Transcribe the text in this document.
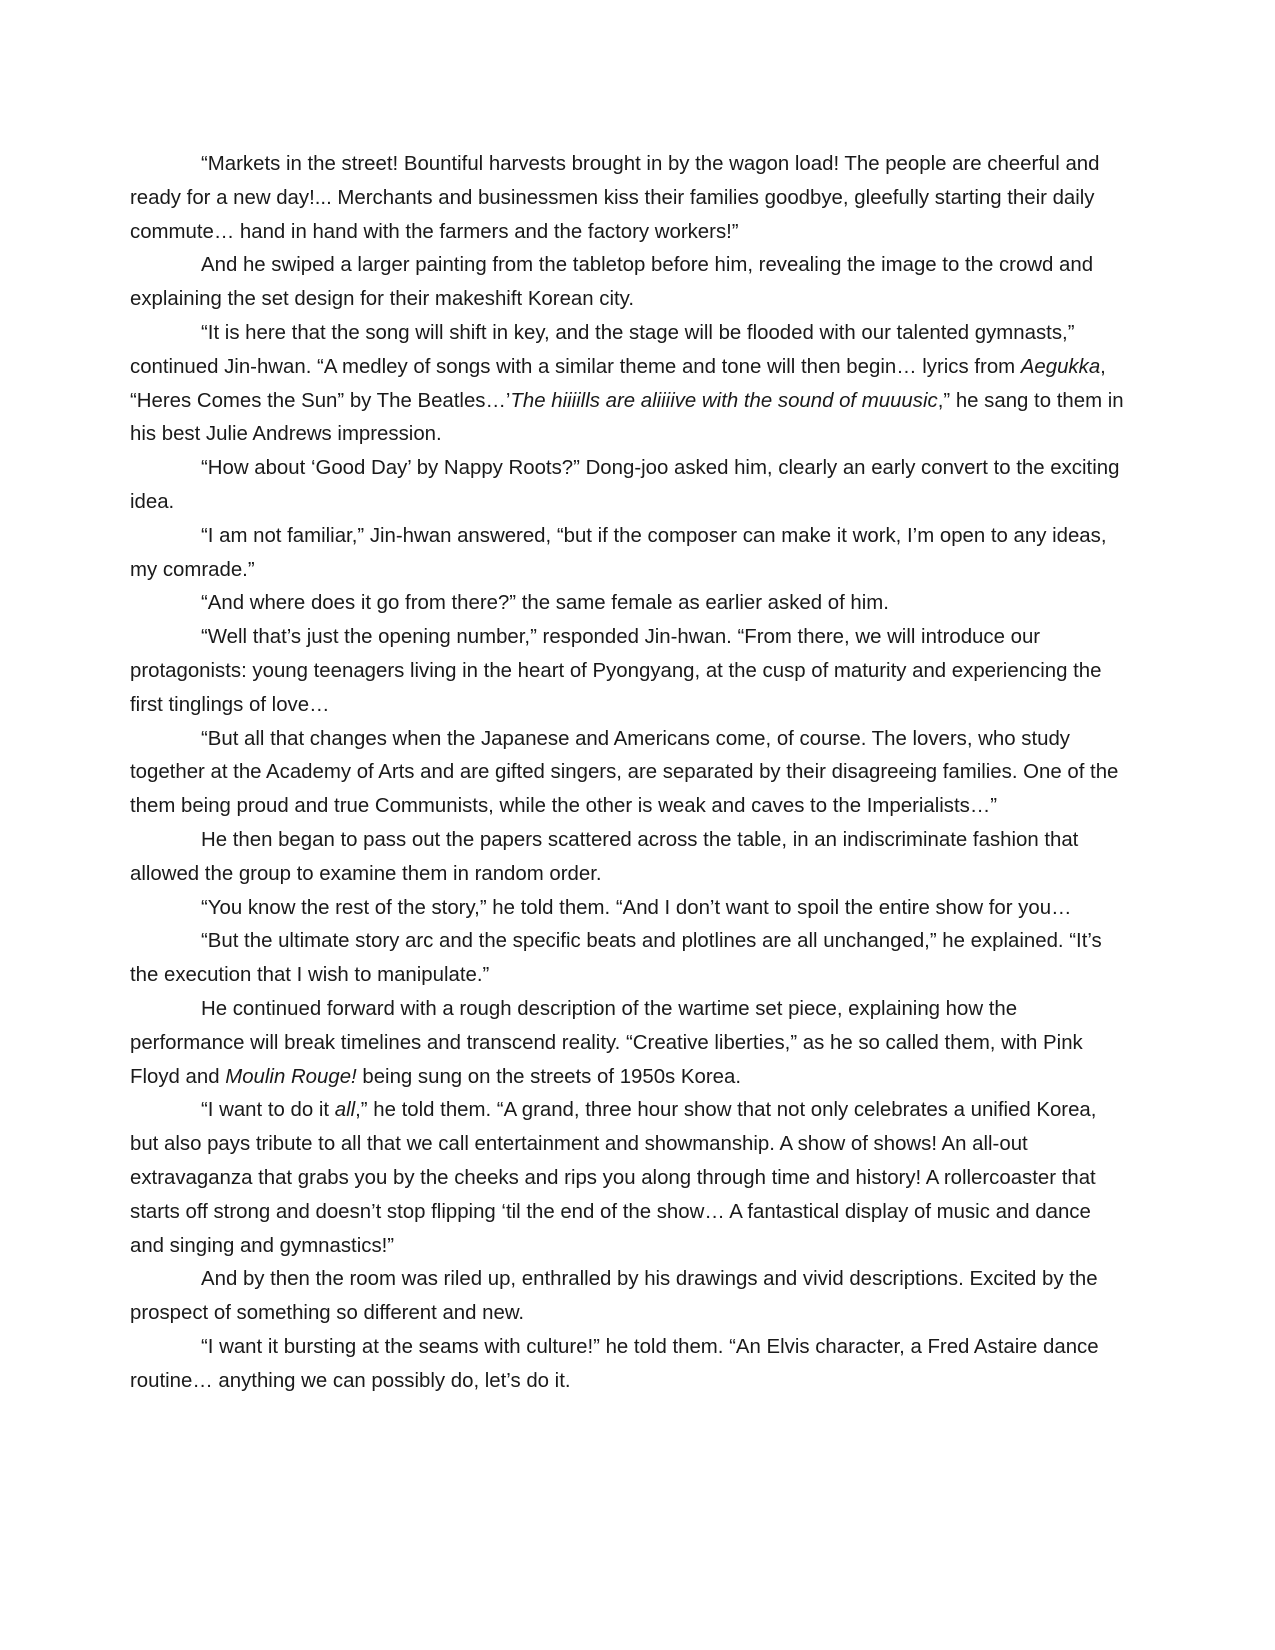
“Markets in the street! Bountiful harvests brought in by the wagon load! The people are cheerful and ready for a new day!... Merchants and businessmen kiss their families goodbye, gleefully starting their daily commute… hand in hand with the farmers and the factory workers!”

And he swiped a larger painting from the tabletop before him, revealing the image to the crowd and explaining the set design for their makeshift Korean city.

“It is here that the song will shift in key, and the stage will be flooded with our talented gymnasts,” continued Jin-hwan. “A medley of songs with a similar theme and tone will then begin… lyrics from Aegukka, “Heres Comes the Sun” by The Beatles…’The hiiiills are aliiiive with the sound of muuusic,” he sang to them in his best Julie Andrews impression.

“How about ‘Good Day’ by Nappy Roots?” Dong-joo asked him, clearly an early convert to the exciting idea.

“I am not familiar,” Jin-hwan answered, “but if the composer can make it work, I’m open to any ideas, my comrade.”

“And where does it go from there?” the same female as earlier asked of him.

“Well that’s just the opening number,” responded Jin-hwan. “From there, we will introduce our protagonists: young teenagers living in the heart of Pyongyang, at the cusp of maturity and experiencing the first tinglings of love…

“But all that changes when the Japanese and Americans come, of course. The lovers, who study together at the Academy of Arts and are gifted singers, are separated by their disagreeing families. One of the them being proud and true Communists, while the other is weak and caves to the Imperialists…”

He then began to pass out the papers scattered across the table, in an indiscriminate fashion that allowed the group to examine them in random order.

“You know the rest of the story,” he told them. “And I don’t want to spoil the entire show for you…

“But the ultimate story arc and the specific beats and plotlines are all unchanged,” he explained. “It’s the execution that I wish to manipulate.”

He continued forward with a rough description of the wartime set piece, explaining how the performance will break timelines and transcend reality. “Creative liberties,” as he so called them, with Pink Floyd and Moulin Rouge! being sung on the streets of 1950s Korea.

“I want to do it all,” he told them. “A grand, three hour show that not only celebrates a unified Korea, but also pays tribute to all that we call entertainment and showmanship. A show of shows! An all-out extravaganza that grabs you by the cheeks and rips you along through time and history! A rollercoaster that starts off strong and doesn’t stop flipping ‘til the end of the show… A fantastical display of music and dance and singing and gymnastics!”

And by then the room was riled up, enthralled by his drawings and vivid descriptions. Excited by the prospect of something so different and new.

“I want it bursting at the seams with culture!” he told them. “An Elvis character, a Fred Astaire dance routine… anything we can possibly do, let’s do it.
